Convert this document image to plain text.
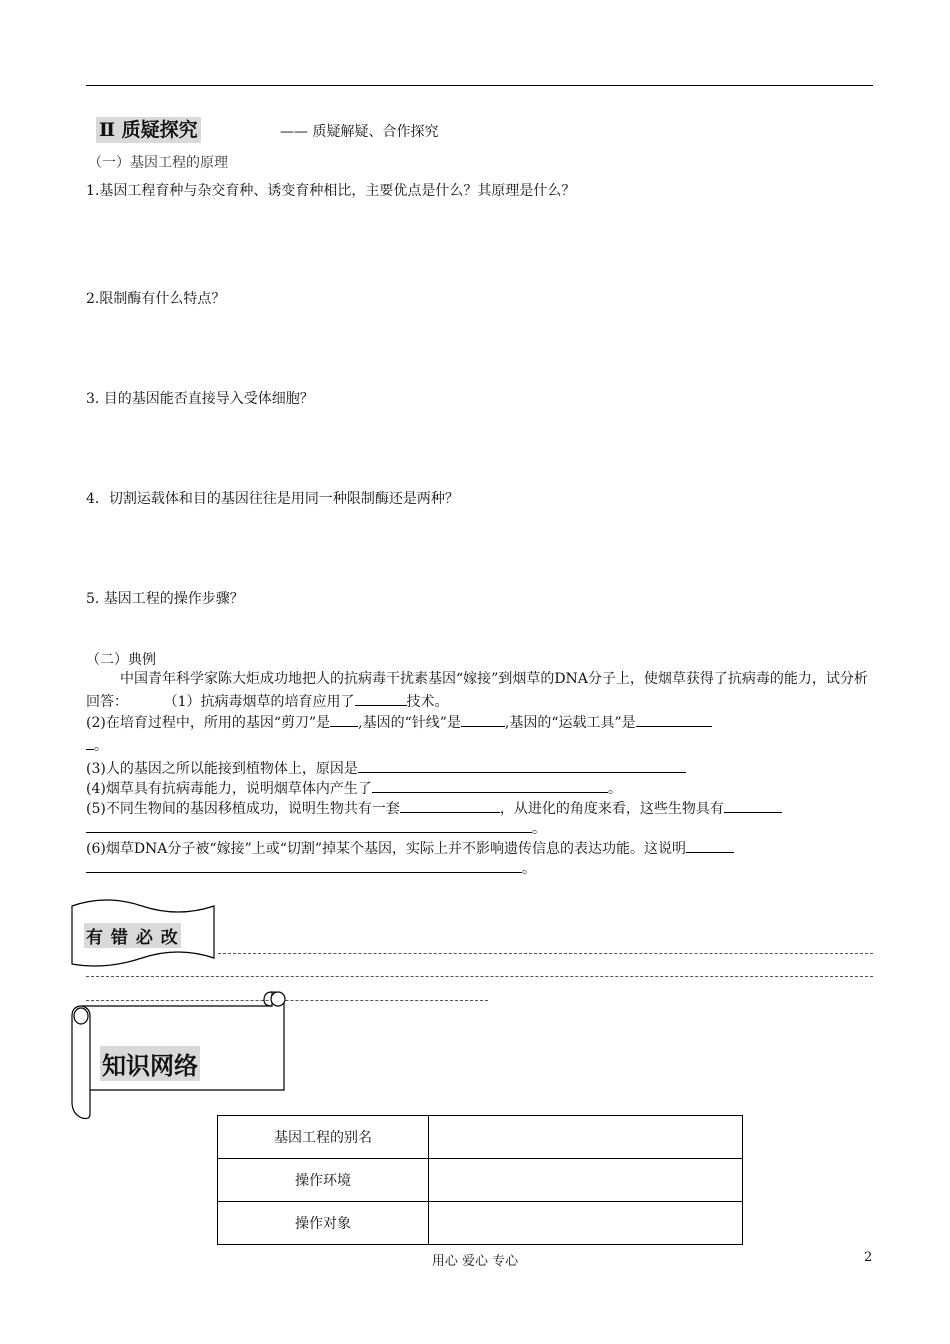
Ⅱ 质疑探究	—— 质疑解疑、合作探究
（一）基因工程的原理
1.基因工程育种与杂交育种、诱变育种相比，主要优点是什么？其原理是什么？
2.限制酶有什么特点？
3. 目的基因能否直接导入受体细胞？
4．切割运载体和目的基因往往是用同一种限制酶还是两种？
5. 基因工程的操作步骤？
（二）典例
中国青年科学家陈大炬成功地把人的抗病毒干扰素基因“嫁接”到烟草的DNA分子上，使烟草获得了抗病毒的能力，试分析回答：	（1）抗病毒烟草的培育应用了	技术。
(2)在培育过程中，所用的基因“剪刀”是 ,基因的“针线”是	,基因的“运载工具”是
。
(3)人的基因之所以能接到植物体上，原因是
(4)烟草具有抗病毒能力，说明烟草体内产生了	。
(5)不同生物间的基因移植成功，说明生物共有一套	，从进化的角度来看，这些生物具有
。
(6)烟草DNA分子被“嫁接”上或“切割”掉某个基因，实际上并不影响遗传信息的表达功能。这说明
。
有 错 必 改
知识网络
基因工程的别名	
操作环境	
操作对象	
用心 爱心 专心	2
